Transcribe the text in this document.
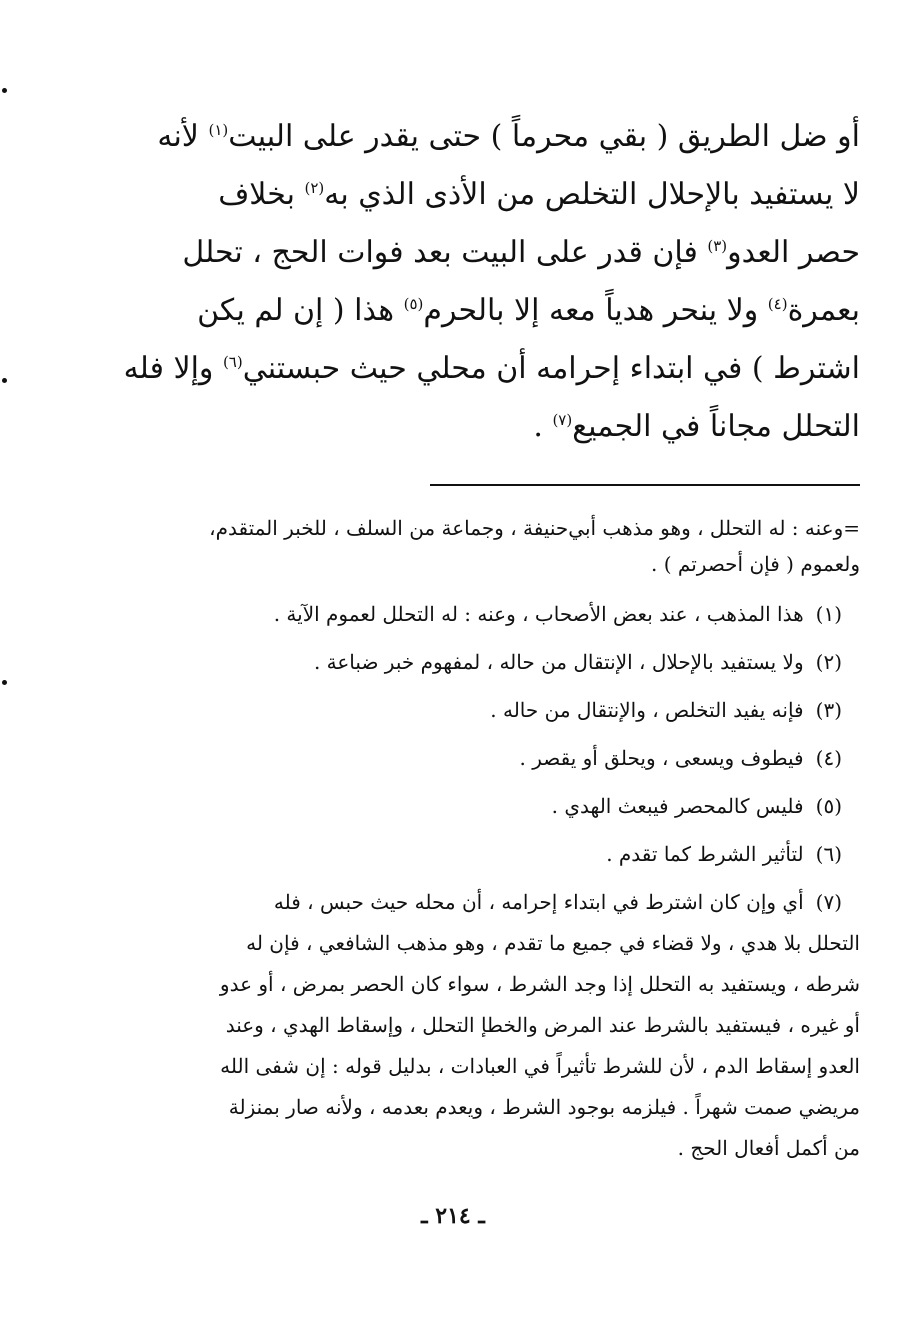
أو ضل الطريق ( بقي محرماً ) حتى يقدر على البيت$^{(١)}$ لأنه
لا يستفيد بالإحلال التخلص من الأذى الذي به$^{(٢)}$ بخلاف
حصر العدو$^{(٣)}$ فإن قدر على البيت بعد فوات الحج ، تحلل
بعمرة$^{(٤)}$ ولا ينحر هدياً معه إلا بالحرم$^{(٥)}$ هذا ( إن لم يكن
اشترط ) في ابتداء إحرامه أن محلي حيث حبستني$^{(٦)}$ وإلا فله
التحلل مجاناً في الجميع$^{(٧)}$ .
=وعنه : له التحلل ، وهو مذهب أبي‌حنيفة ، وجماعة من السلف ، للخبر المتقدم،
ولعموم ( فإن أحصرتم ) .
(١)هذا المذهب ، عند بعض الأصحاب ، وعنه : له التحلل لعموم الآية .
(٢)ولا يستفيد بالإحلال ، الإنتقال من حاله ، لمفهوم خبر ضباعة .
(٣)فإنه يفيد التخلص ، والإنتقال من حاله .
(٤)فيطوف ويسعى ، ويحلق أو يقصر .
(٥)فليس كالمحصر فيبعث الهدي .
(٦)لتأثير الشرط كما تقدم .
(٧)أي وإن كان اشترط في ابتداء إحرامه ، أن محله حيث حبس ، فله
التحلل بلا هدي ، ولا قضاء في جميع ما تقدم ، وهو مذهب الشافعي ، فإن له
شرطه ، ويستفيد به التحلل إذا وجد الشرط ، سواء كان الحصر بمرض ، أو عدو
أو غيره ، فيستفيد بالشرط عند المرض والخطإ التحلل ، وإسقاط الهدي ، وعند
العدو إسقاط الدم ، لأن للشرط تأثيراً في العبادات ، بدليل قوله : إن شفى الله
مريضي صمت شهراً . فيلزمه بوجود الشرط ، ويعدم بعدمه ، ولأنه صار بمنزلة
من أكمل أفعال الحج .
ـ ٢١٤ ـ
